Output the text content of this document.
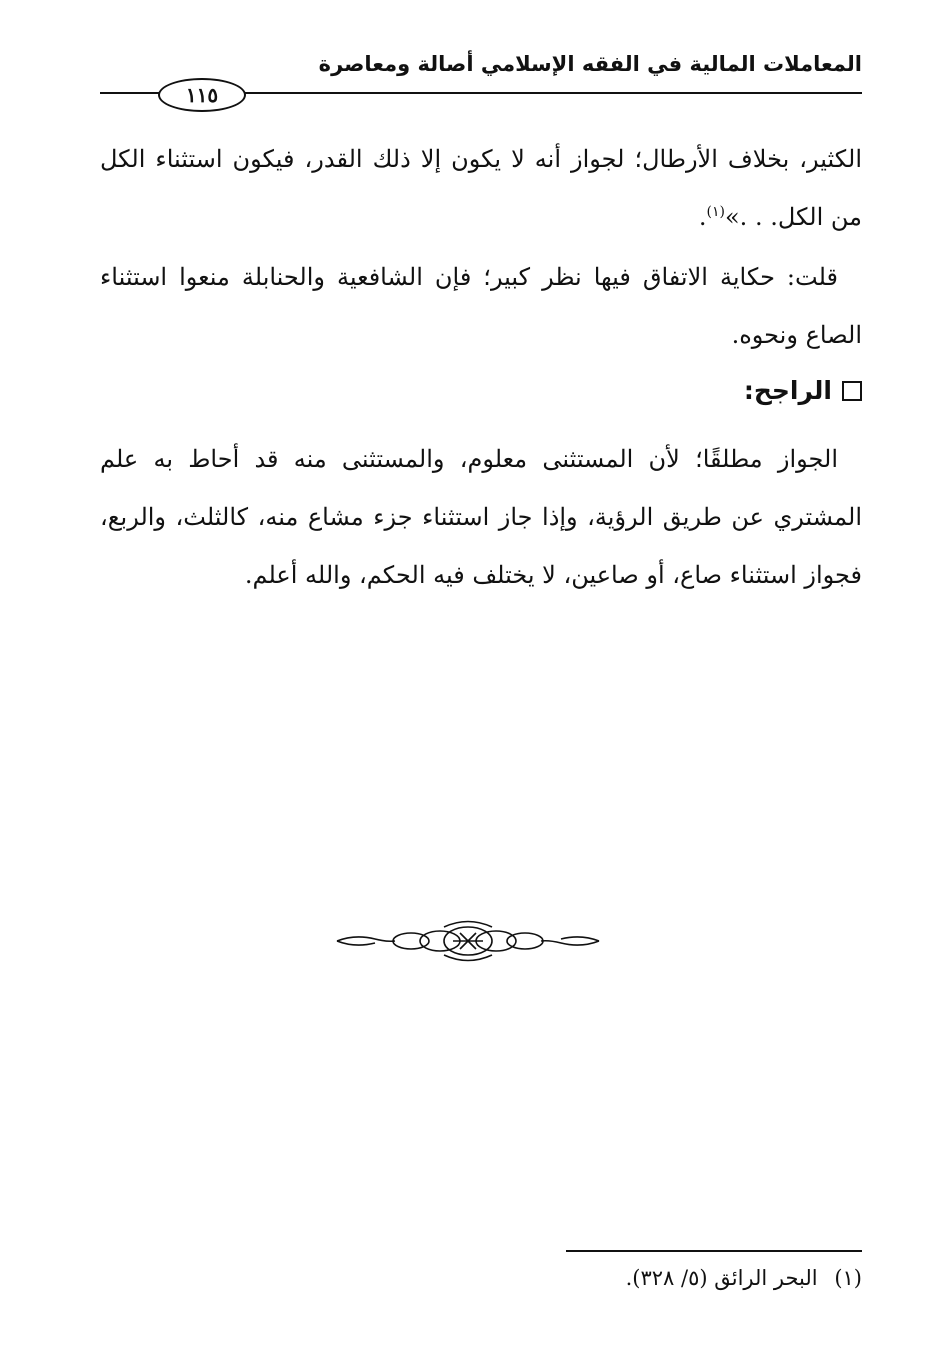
المعاملات المالية في الفقه الإسلامي أصالة ومعاصرة
١١٥

الكثير، بخلاف الأرطال؛ لجواز أنه لا يكون إلا ذلك القدر، فيكون استثناء الكل من الكل. . .»$^{(١)}$.

قلت: حكاية الاتفاق فيها نظر كبير؛ فإن الشافعية والحنابلة منعوا استثناء الصاع ونحوه.

الراجح:

الجواز مطلقًا؛ لأن المستثنى معلوم، والمستثنى منه قد أحاط به علم المشتري عن طريق الرؤية، وإذا جاز استثناء جزء مشاع منه، كالثلث، والربع، فجواز استثناء صاع، أو صاعين، لا يختلف فيه الحكم، والله أعلم.

(١) البحر الرائق (٥/ ٣٢٨).
